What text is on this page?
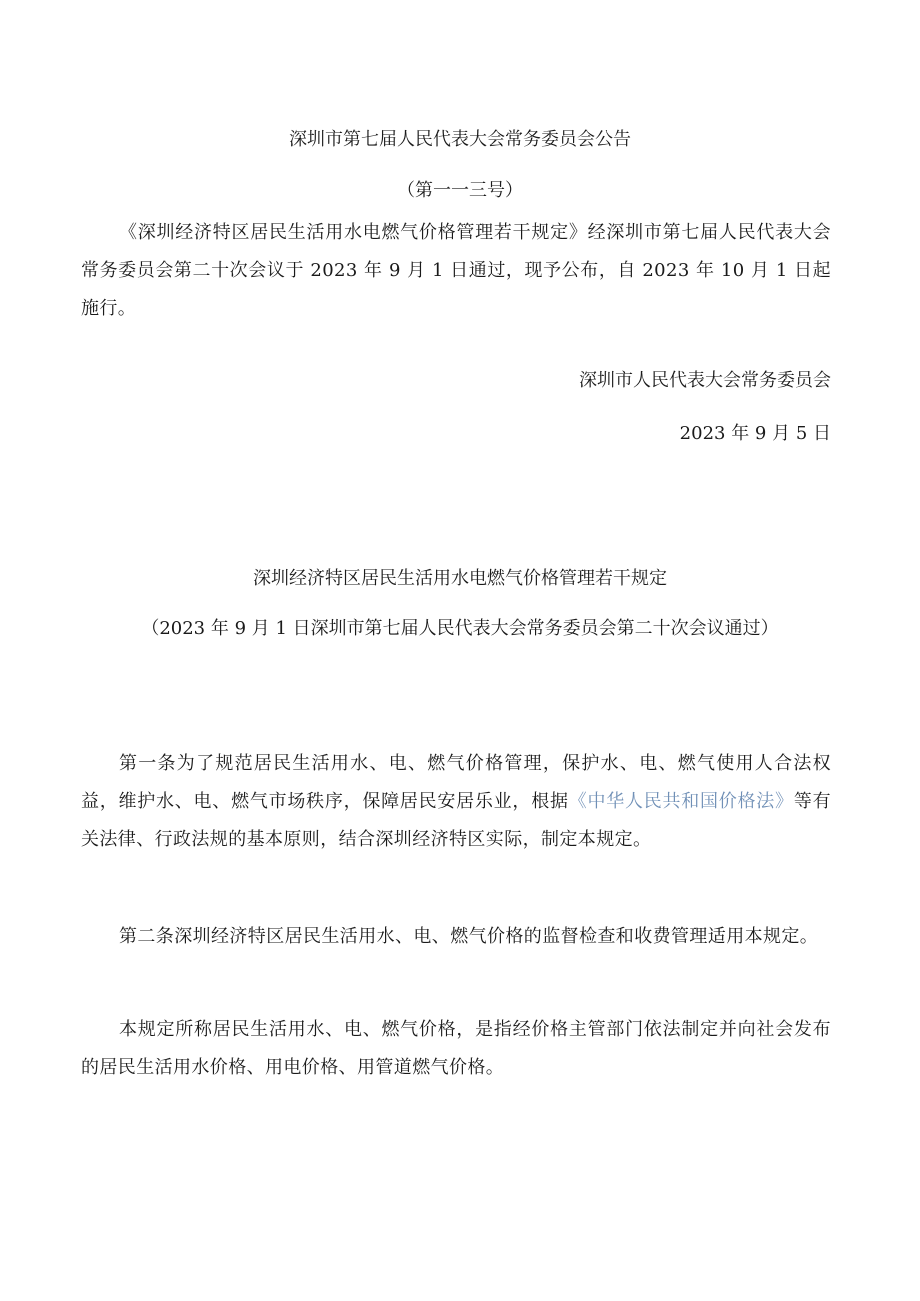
深圳市第七届人民代表大会常务委员会公告
（第一一三号）
《深圳经济特区居民生活用水电燃气价格管理若干规定》经深圳市第七届人民代表大会常务委员会第二十次会议于 2023 年 9 月 1 日通过，现予公布，自 2023 年 10 月 1 日起施行。
深圳市人民代表大会常务委员会
2023 年 9 月 5 日
深圳经济特区居民生活用水电燃气价格管理若干规定
（2023 年 9 月 1 日深圳市第七届人民代表大会常务委员会第二十次会议通过）
第一条为了规范居民生活用水、电、燃气价格管理，保护水、电、燃气使用人合法权益，维护水、电、燃气市场秩序，保障居民安居乐业，根据《中华人民共和国价格法》等有关法律、行政法规的基本原则，结合深圳经济特区实际，制定本规定。
第二条深圳经济特区居民生活用水、电、燃气价格的监督检查和收费管理适用本规定。
本规定所称居民生活用水、电、燃气价格，是指经价格主管部门依法制定并向社会发布的居民生活用水价格、用电价格、用管道燃气价格。
